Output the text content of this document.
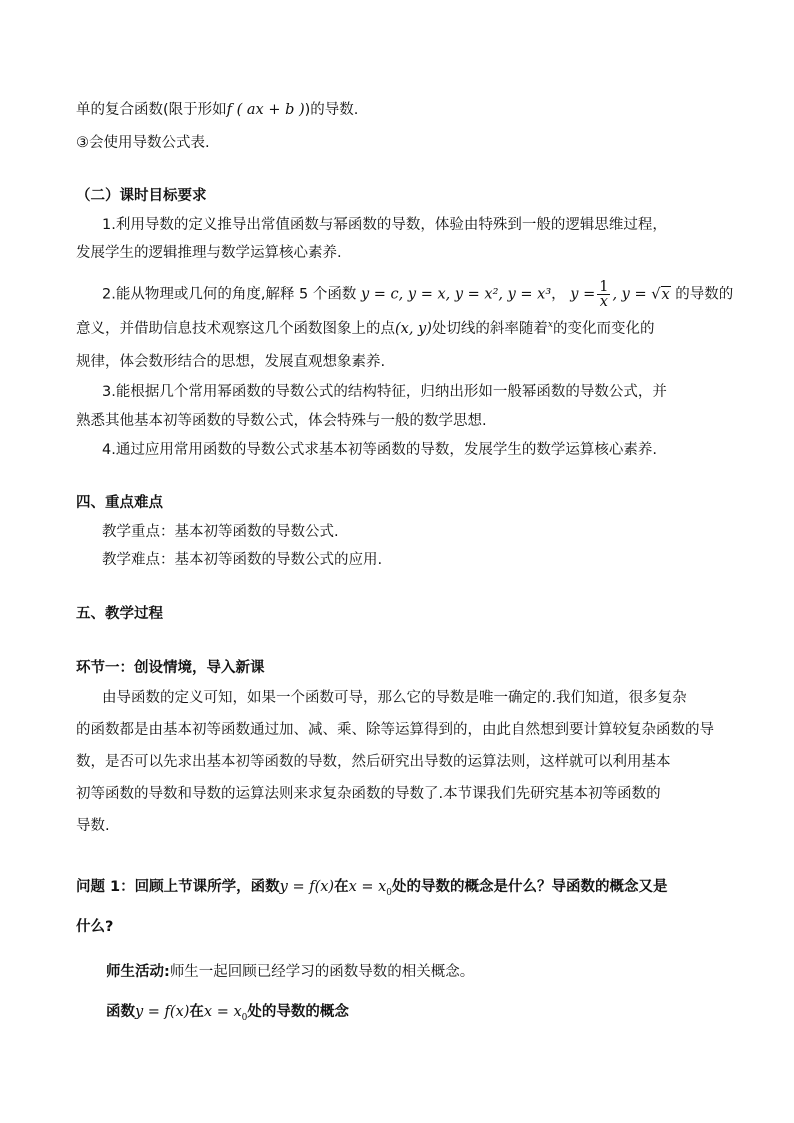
单的复合函数(限于形如f ( ax + b ))的导数.
③会使用导数公式表.
（二）课时目标要求
1.利用导数的定义推导出常值函数与幂函数的导数，体验由特殊到一般的逻辑思维过程，
发展学生的逻辑推理与数学运算核心素养.
2.能从物理或几何的角度,解释 5 个函数 y = c, y = x, y = x², y = x³， $y = \frac{1}{x}$ , y = √x 的导数的
意义，并借助信息技术观察这几个函数图象上的点(x, y)处切线的斜率随着$^x$的变化而变化的
规律，体会数形结合的思想，发展直观想象素养.
3.能根据几个常用幂函数的导数公式的结构特征，归纳出形如一般幂函数的导数公式，并
熟悉其他基本初等函数的导数公式，体会特殊与一般的数学思想.
4.通过应用常用函数的导数公式求基本初等函数的导数，发展学生的数学运算核心素养.
四、重点难点
教学重点：基本初等函数的导数公式.
教学难点：基本初等函数的导数公式的应用.
五、教学过程
环节一：创设情境，导入新课
由导函数的定义可知，如果一个函数可导，那么它的导数是唯一确定的.我们知道，很多复杂
的函数都是由基本初等函数通过加、减、乘、除等运算得到的，由此自然想到要计算较复杂函数的导
数，是否可以先求出基本初等函数的导数，然后研究出导数的运算法则，这样就可以利用基本
初等函数的导数和导数的运算法则来求复杂函数的导数了.本节课我们先研究基本初等函数的
导数.
问题 1：回顾上节课所学，函数y = f(x)在$x = x_0$处的导数的概念是什么？导函数的概念又是
什么?
师生活动:师生一起回顾已经学习的函数导数的相关概念。
函数y = f(x)在$x = x_0$处的导数的概念
